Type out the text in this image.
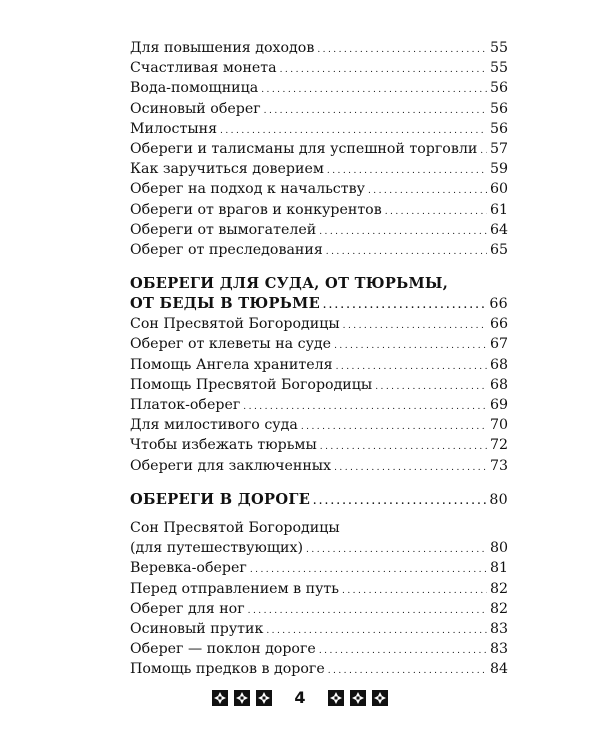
Для повышения доходов . . .	55
Счастливая монета . . .	55
Вода-помощница . . .	56
Осиновый оберег . . .	56
Милостыня . . .	56
Обереги и талисманы для успешной торговли . . . 57
Как заручиться доверием . . .	59
Оберег на подход к начальству . . .	60
Обереги от врагов и конкурентов . . .	61
Обереги от вымогателей . . .	64
Оберег от преследования . . .	65
ОБЕРЕГИ ДЛЯ СУДА, ОТ ТЮРЬМЫ,
ОТ БЕДЫ В ТЮРЬМЕ . . .	66
Сон Пресвятой Богородицы . . .	66
Оберег от клеветы на суде . . .	67
Помощь Ангела хранителя . . .	68
Помощь Пресвятой Богородицы . . .	68
Платок-оберег . . .	69
Для милостивого суда . . .	70
Чтобы избежать тюрьмы . . .	72
Обереги для заключенных . . .	73
ОБЕРЕГИ В ДОРОГЕ . . .	80
Сон Пресвятой Богородицы
(для путешествующих) . . .	80
Веревка-оберег . . .	81
Перед отправлением в путь . . .	82
Оберег для ног . . .	82
Осиновый прутик . . .	83
Оберег — поклон дороге . . .	83
Помощь предков в дороге . . .	84
4
